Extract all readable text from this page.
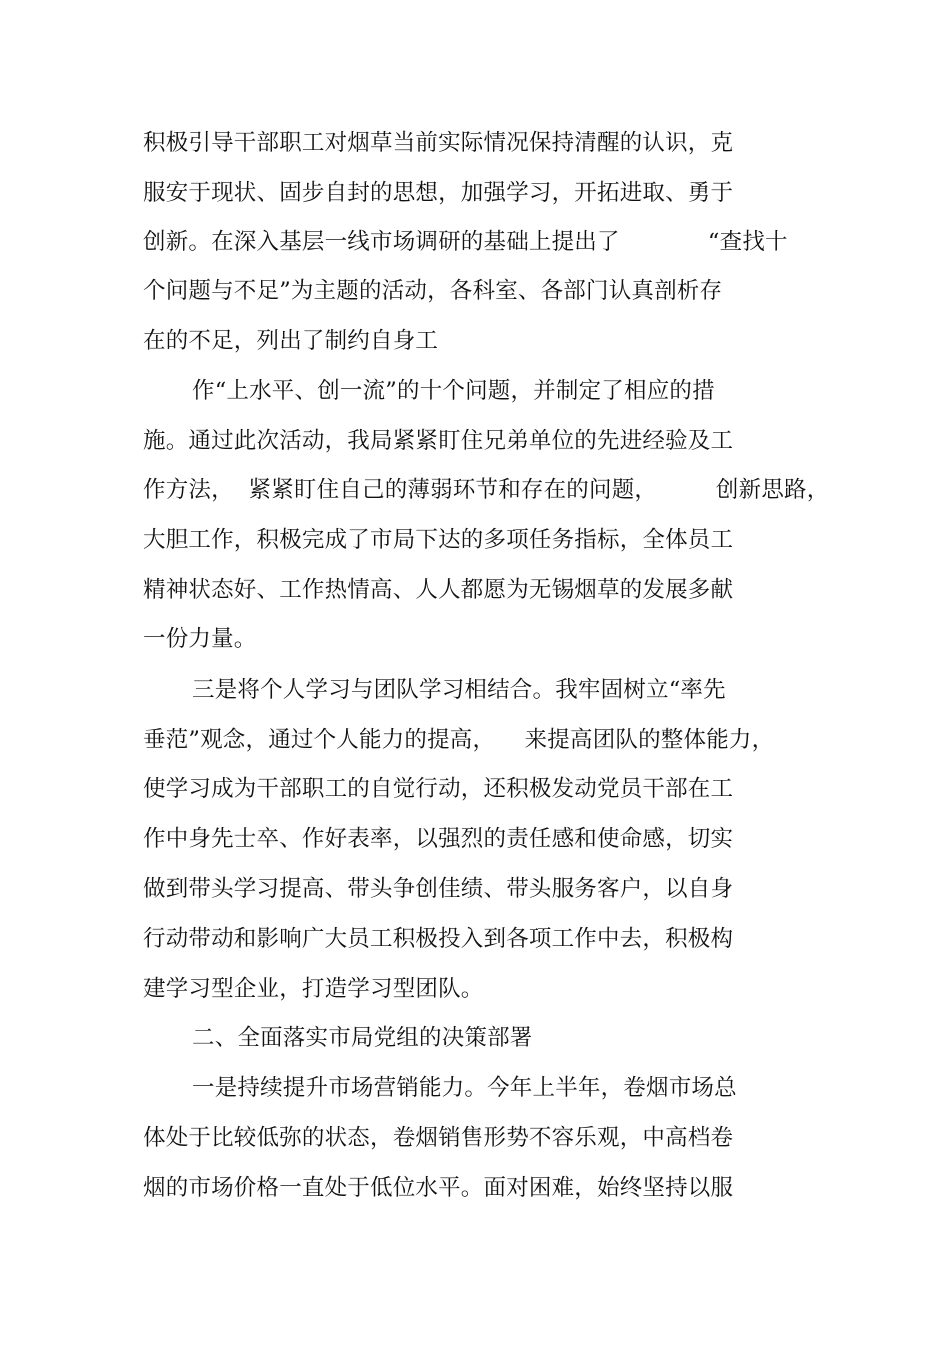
积极引导干部职工对烟草当前实际情况保持清醒的认识，克
服安于现状、固步自封的思想，加强学习，开拓进取、勇于
创新。在深入基层一线市场调研的基础上提出了            “查找十
个问题与不足”为主题的活动，各科室、各部门认真剖析存
在的不足，列出了制约自身工
作“上水平、创一流”的十个问题，并制定了相应的措
施。通过此次活动，我局紧紧盯住兄弟单位的先进经验及工
作方法，  紧紧盯住自己的薄弱环节和存在的问题，        创新思路，
大胆工作，积极完成了市局下达的多项任务指标，全体员工
精神状态好、工作热情高、人人都愿为无锡烟草的发展多献
一份力量。
三是将个人学习与团队学习相结合。我牢固树立“率先
垂范”观念，通过个人能力的提高，    来提高团队的整体能力，
使学习成为干部职工的自觉行动，还积极发动党员干部在工
作中身先士卒、作好表率，以强烈的责任感和使命感，切实
做到带头学习提高、带头争创佳绩、带头服务客户，以自身
行动带动和影响广大员工积极投入到各项工作中去，积极构
建学习型企业，打造学习型团队。
二、全面落实市局党组的决策部署
一是持续提升市场营销能力。今年上半年，卷烟市场总
体处于比较低弥的状态，卷烟销售形势不容乐观，中高档卷
烟的市场价格一直处于低位水平。面对困难，始终坚持以服
